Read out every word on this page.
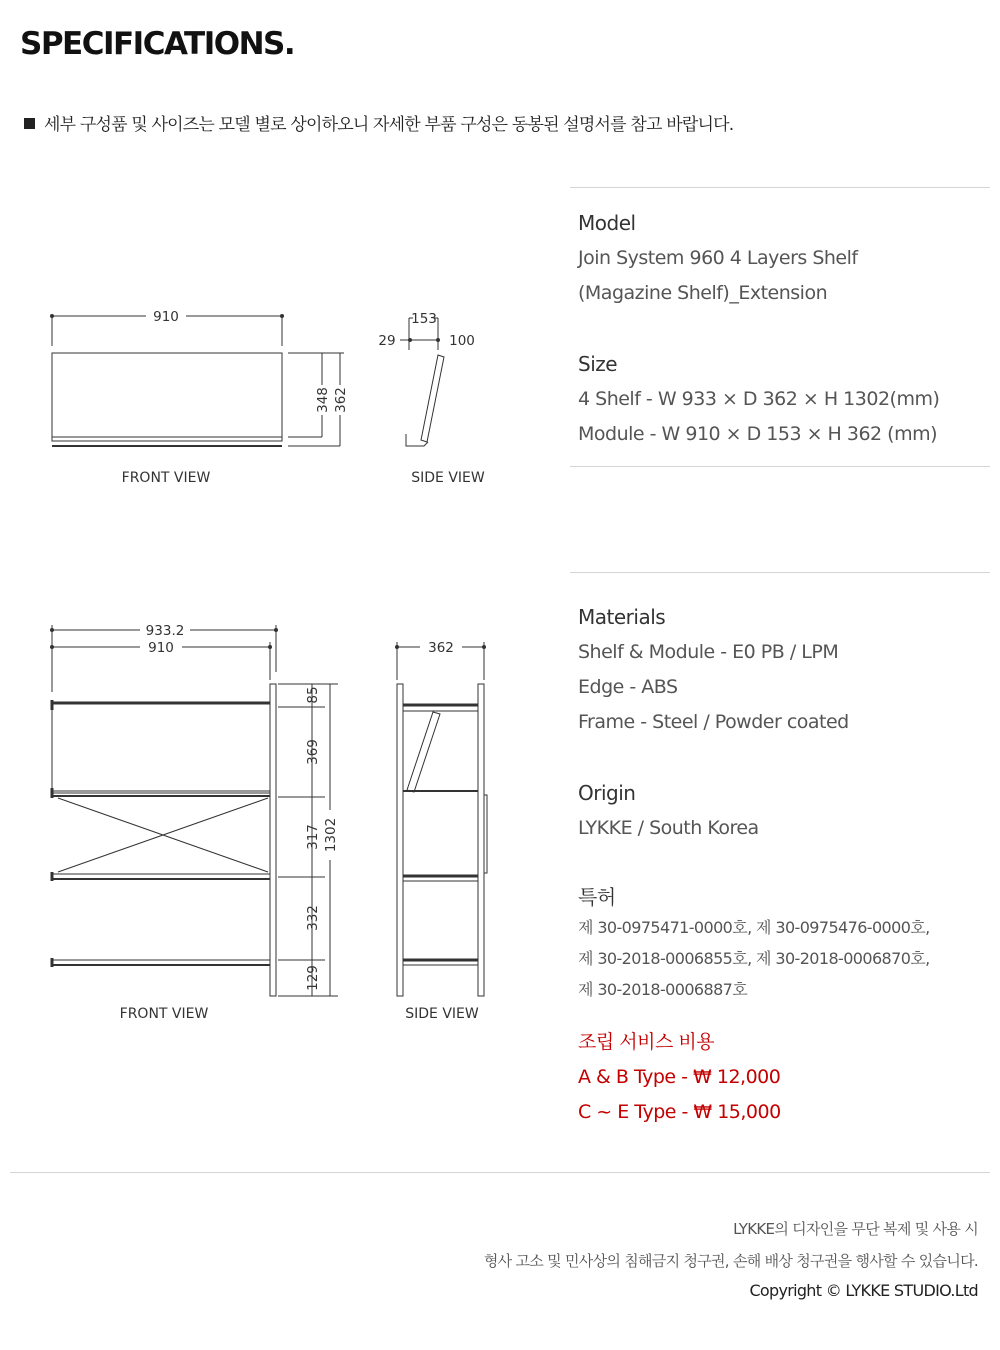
SPECIFICATIONS.
세부 구성품 및 사이즈는 모델 별로 상이하오니 자세한 부품 구성은 동봉된 설명서를 참고 바랍니다.
910
348 362
FRONT VIEW
153
29	100
SIDE VIEW
933.2
910	362
85
369
317
332
129
1302
FRONT VIEW	SIDE VIEW
Model
Join System 960 4 Layers Shelf
(Magazine Shelf)_Extension
Size
4 Shelf - W 933 × D 362 × H 1302(mm)
Module - W 910 × D 153 × H 362 (mm)
Materials
Shelf & Module - E0 PB / LPM
Edge - ABS
Frame - Steel / Powder coated
Origin
LYKKE / South Korea
특허
제 30-0975471-0000호, 제 30-0975476-0000호,
제 30-2018-0006855호, 제 30-2018-0006870호,
제 30-2018-0006887호
조립 서비스 비용
A & B Type - ₩ 12,000
C ~ E Type - ₩ 15,000
LYKKE의 디자인을 무단 복제 및 사용 시
형사 고소 및 민사상의 침해금지 청구권, 손해 배상 청구권을 행사할 수 있습니다.
Copyright © LYKKE STUDIO.Ltd
